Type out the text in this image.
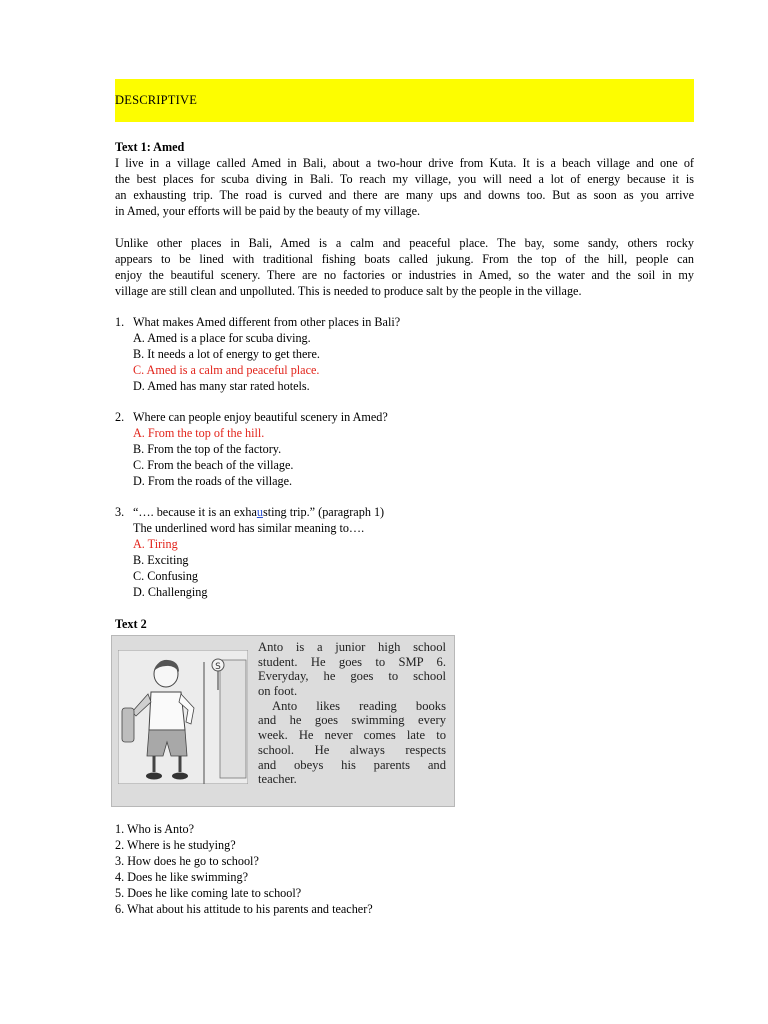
DESCRIPTIVE
Text 1: Amed
I live in a village called Amed in Bali, about a two-hour drive from Kuta. It is a beach village and one of
the best places for scuba diving in Bali. To reach my village, you will need a lot of energy because it is
an exhausting trip. The road is curved and there are many ups and downs too. But as soon as you arrive
in Amed, your efforts will be paid by the beauty of my village.
Unlike other places in Bali, Amed is a calm and peaceful place. The bay, some sandy, others rocky
appears to be lined with traditional fishing boats called jukung. From the top of the hill, people can
enjoy the beautiful scenery. There are no factories or industries in Amed, so the water and the soil in my
village are still clean and unpolluted. This is needed to produce salt by the people in the village.
1. What makes Amed different from other places in Bali?
A. Amed is a place for scuba diving.
B. It needs a lot of energy to get there.
C. Amed is a calm and peaceful place.
D. Amed has many star rated hotels.
2. Where can people enjoy beautiful scenery in Amed?
A. From the top of the hill.
B. From the top of the factory.
C. From the beach of the village.
D. From the roads of the village.
3. “…. because it is an exhausting trip.” (paragraph 1)
The underlined word has similar meaning to….
A. Tiring
B. Exciting
C. Confusing
D. Challenging
Text 2
S
Anto is a junior high school
student. He goes to SMP 6.
Everyday, he goes to school
on foot.
Anto likes reading books
and he goes swimming every
week. He never comes late to
school. He always respects
and obeys his parents and
teacher.
1. Who is Anto?
2. Where is he studying?
3. How does he go to school?
4. Does he like swimming?
5. Does he like coming late to school?
6. What about his attitude to his parents and teacher?
